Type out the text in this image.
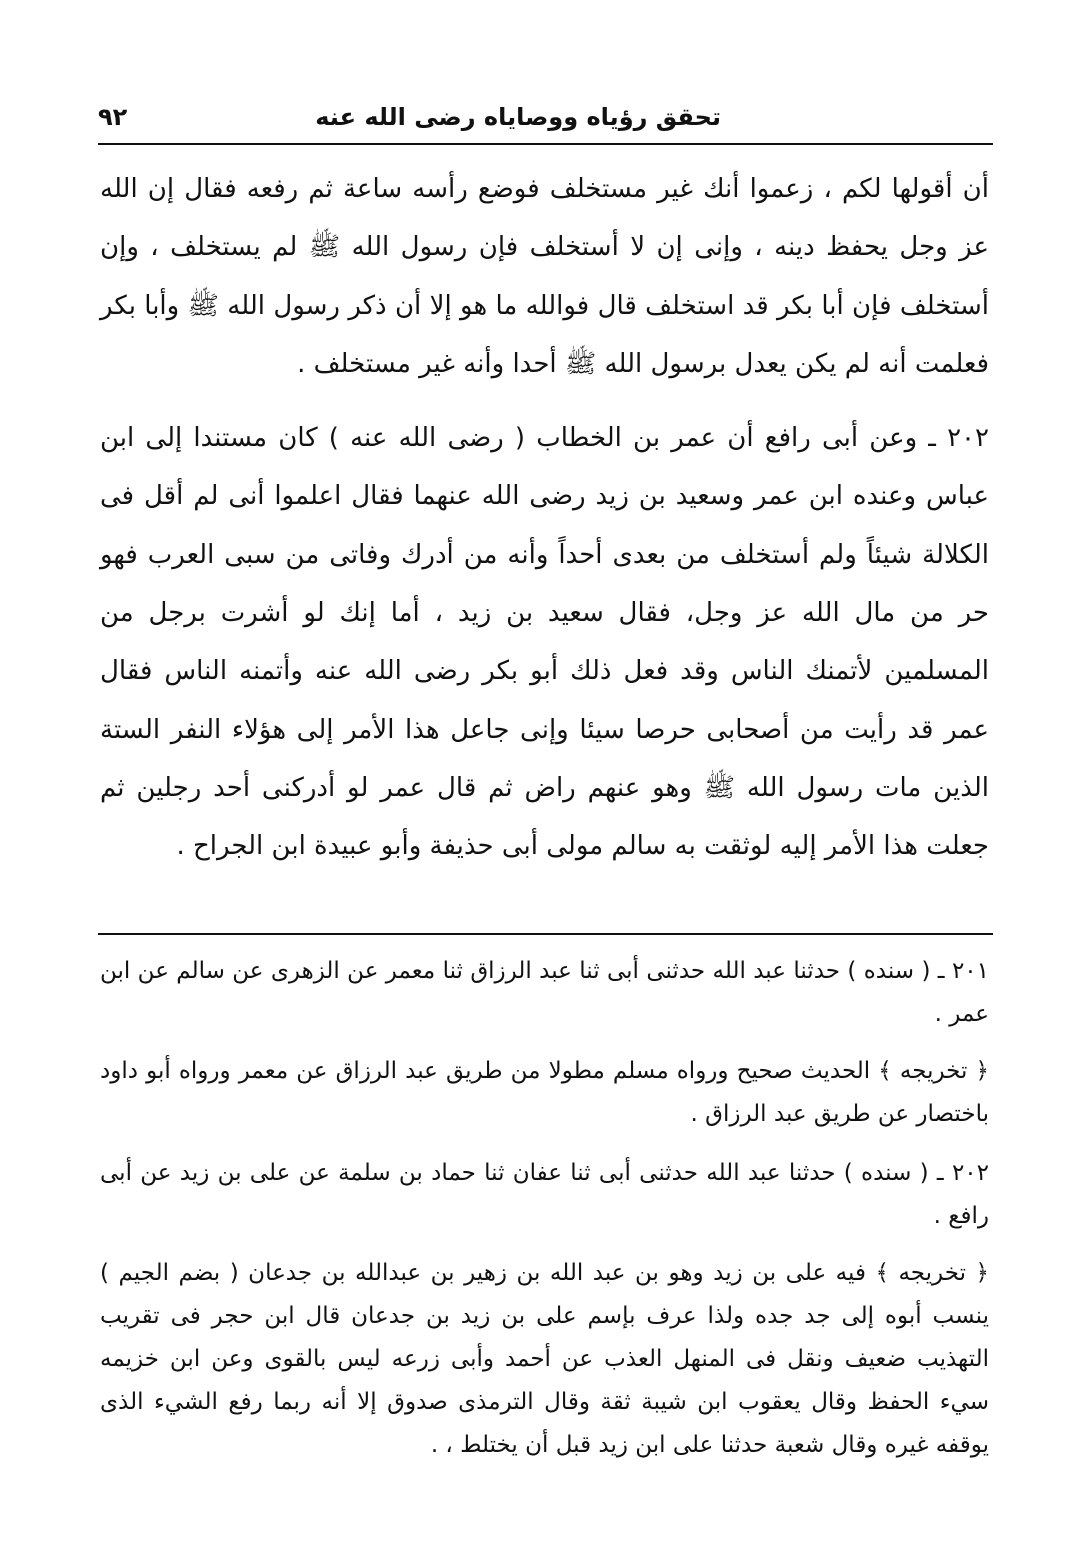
تحقق رؤياه ووصاياه رضى الله عنه
٩٢

أن أقولها لكم ، زعموا أنك غير مستخلف فوضع رأسه ساعة ثم رفعه فقال إن الله عز وجل يحفظ دينه ، وإنى إن لا أستخلف فإن رسول الله ﷺ لم يستخلف ، وإن أستخلف فإن أبا بكر قد استخلف قال فوالله ما هو إلا أن ذكر رسول الله ﷺ وأبا بكر فعلمت أنه لم يكن يعدل برسول الله ﷺ أحدا وأنه غير مستخلف .

٢٠٢ ـ وعن أبى رافع أن عمر بن الخطاب ( رضى الله عنه ) كان مستندا إلى ابن عباس وعنده ابن عمر وسعيد بن زيد رضى الله عنهما فقال اعلموا أنى لم أقل فى الكلالة شيئاً ولم أستخلف من بعدى أحداً وأنه من أدرك وفاتى من سبى العرب فهو حر من مال الله عز وجل، فقال سعيد بن زيد ، أما إنك لو أشرت برجل من المسلمين لأتمنك الناس وقد فعل ذلك أبو بكر رضى الله عنه وأتمنه الناس فقال عمر قد رأيت من أصحابى حرصا سيئا وإنى جاعل هذا الأمر إلى هؤلاء النفر الستة الذين مات رسول الله ﷺ وهو عنهم راض ثم قال عمر لو أدركنى أحد رجلين ثم جعلت هذا الأمر إليه لوثقت به سالم مولى أبى حذيفة وأبو عبيدة ابن الجراح .

٢٠١ ـ ( سنده ) حدثنا عبد الله حدثنى أبى ثنا عبد الرزاق ثنا معمر عن الزهرى عن سالم عن ابن عمر .

﴿ تخريجه ﴾ الحديث صحيح ورواه مسلم مطولا من طريق عبد الرزاق عن معمر ورواه أبو داود باختصار عن طريق عبد الرزاق .

٢٠٢ ـ ( سنده ) حدثنا عبد الله حدثنى أبى ثنا عفان ثنا حماد بن سلمة عن على بن زيد عن أبى رافع .

﴿ تخريجه ﴾ فيه على بن زيد وهو بن عبد الله بن زهير بن عبدالله بن جدعان ( بضم الجيم ) ينسب أبوه إلى جد جده ولذا عرف بإسم على بن زيد بن جدعان قال ابن حجر فى تقريب التهذيب ضعيف ونقل فى المنهل العذب عن أحمد وأبى زرعه ليس بالقوى وعن ابن خزيمه سيء الحفظ وقال يعقوب ابن شيبة ثقة وقال الترمذى صدوق إلا أنه ربما رفع الشيء الذى يوقفه غيره وقال شعبة حدثنا على ابن زيد قبل أن يختلط ، .
